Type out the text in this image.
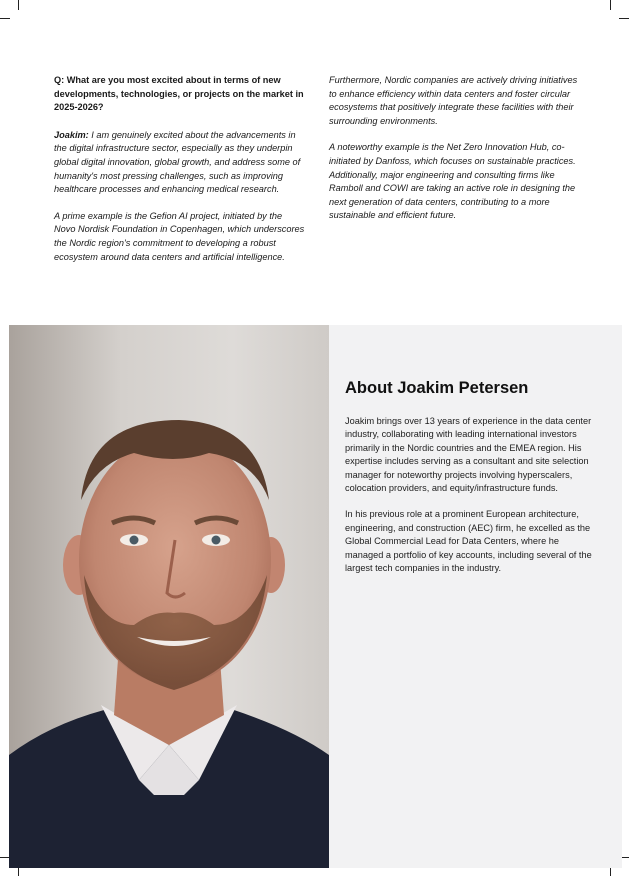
Q: What are you most excited about in terms of new developments, technologies, or projects on the market in 2025-2026?

Joakim: I am genuinely excited about the advancements in the digital infrastructure sector, especially as they underpin global digital innovation, global growth, and address some of humanity's most pressing challenges, such as improving healthcare processes and enhancing medical research.

A prime example is the Gefion AI project, initiated by the Novo Nordisk Foundation in Copenhagen, which underscores the Nordic region's commitment to developing a robust ecosystem around data centers and artificial intelligence.

Furthermore, Nordic companies are actively driving initiatives to enhance efficiency within data centers and foster circular ecosystems that positively integrate these facilities with their surrounding environments.

A noteworthy example is the Net Zero Innovation Hub, co-initiated by Danfoss, which focuses on sustainable practices. Additionally, major engineering and consulting firms like Ramboll and COWI are taking an active role in designing the next generation of data centers, contributing to a more sustainable and efficient future.

About Joakim Petersen

Joakim brings over 13 years of experience in the data center industry, collaborating with leading international investors primarily in the Nordic countries and the EMEA region. His expertise includes serving as a consultant and site selection manager for noteworthy projects involving hyperscalers, colocation providers, and equity/infrastructure funds.

In his previous role at a prominent European architecture, engineering, and construction (AEC) firm, he excelled as the Global Commercial Lead for Data Centers, where he managed a portfolio of key accounts, including several of the largest tech companies in the industry.
